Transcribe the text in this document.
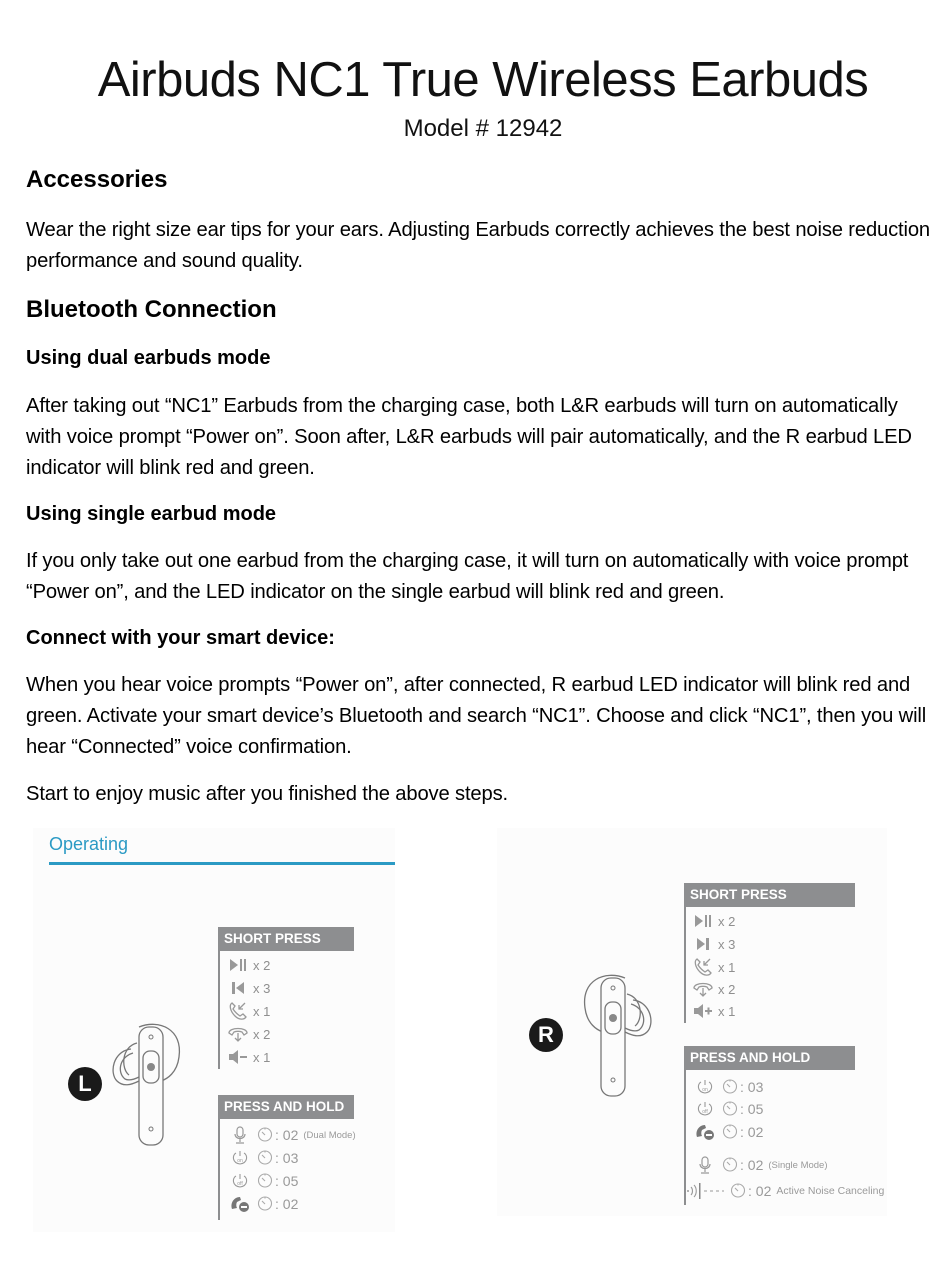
Airbuds NC1 True Wireless Earbuds
Model # 12942
Accessories
Wear the right size ear tips for your ears. Adjusting Earbuds correctly achieves the best noise reduction performance and sound quality.
Bluetooth Connection
Using dual earbuds mode
After taking out “NC1” Earbuds from the charging case, both L&R earbuds will turn on automatically with voice prompt “Power on”. Soon after, L&R earbuds will pair automatically, and the R earbud LED indicator will blink red and green.
Using single earbud mode
If you only take out one earbud from the charging case, it will turn on automatically with voice prompt “Power on”, and the LED indicator on the single earbud will blink red and green.
Connect with your smart device:
When you hear voice prompts “Power on”, after connected, R earbud LED indicator will blink red and green. Activate your smart device’s Bluetooth and search “NC1”. Choose and click “NC1”, then you will hear “Connected” voice confirmation.
Start to enjoy music after you finished the above steps.
Operating
L
SHORT PRESS
x 2
x 3
x 1
x 2
x 1
PRESS AND HOLD
: 02 (Dual Mode)
on : 03
off : 05
: 02
R
SHORT PRESS
x 2
x 3
x 1
x 2
x 1
PRESS AND HOLD
on : 03
off : 05
: 02
: 02 (Single Mode)
: 02 Active Noise Canceling
